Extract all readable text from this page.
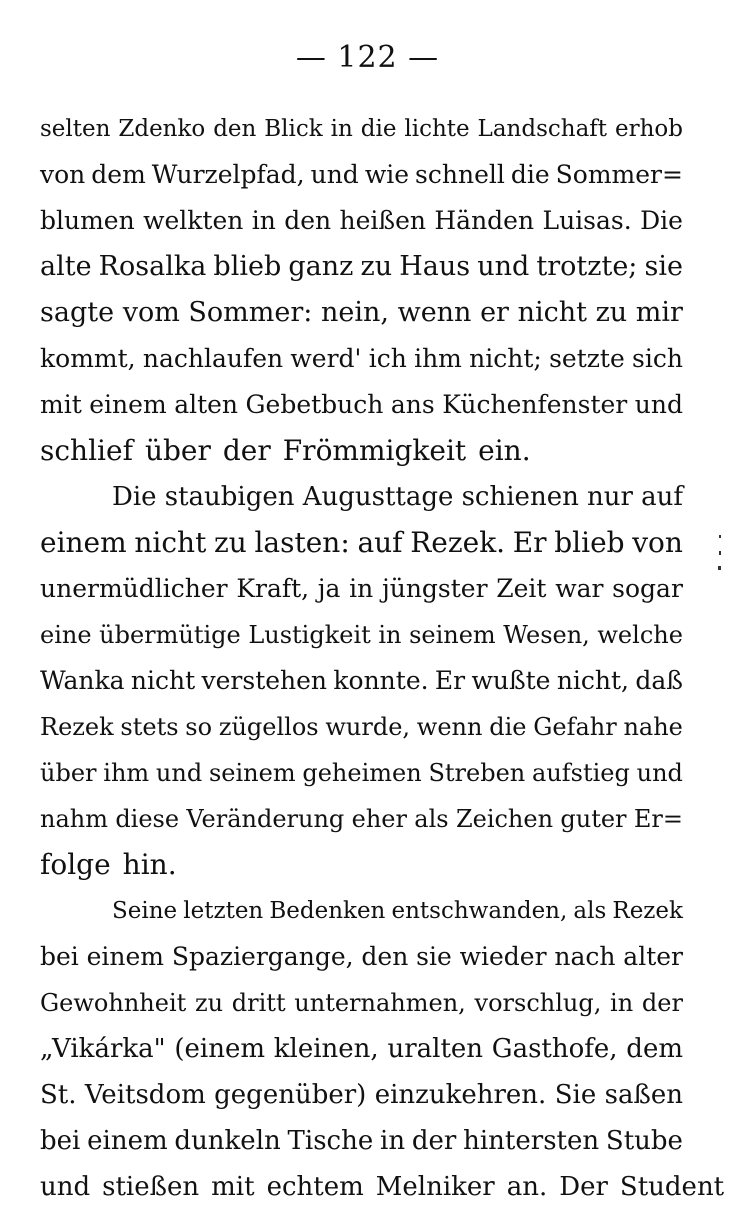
— 122 —
selten Zdenko den Blick in die lichte Landschaft erhob
von dem Wurzelpfad, und wie schnell die Sommer=
blumen welkten in den heißen Händen Luisas. Die
alte Rosalka blieb ganz zu Haus und trotzte; sie
sagte vom Sommer: nein, wenn er nicht zu mir
kommt, nachlaufen werd' ich ihm nicht; setzte sich
mit einem alten Gebetbuch ans Küchenfenster und
schlief über der Frömmigkeit ein.
Die staubigen Augusttage schienen nur auf
einem nicht zu lasten: auf Rezek. Er blieb von
unermüdlicher Kraft, ja in jüngster Zeit war sogar
eine übermütige Lustigkeit in seinem Wesen, welche
Wanka nicht verstehen konnte. Er wußte nicht, daß
Rezek stets so zügellos wurde, wenn die Gefahr nahe
über ihm und seinem geheimen Streben aufstieg und
nahm diese Veränderung eher als Zeichen guter Er=
folge hin.
Seine letzten Bedenken entschwanden, als Rezek
bei einem Spaziergange, den sie wieder nach alter
Gewohnheit zu dritt unternahmen, vorschlug, in der
„Vikárka" (einem kleinen, uralten Gasthofe, dem
St. Veitsdom gegenüber) einzukehren. Sie saßen
bei einem dunkeln Tische in der hintersten Stube
und stießen mit echtem Melniker an. Der Student
